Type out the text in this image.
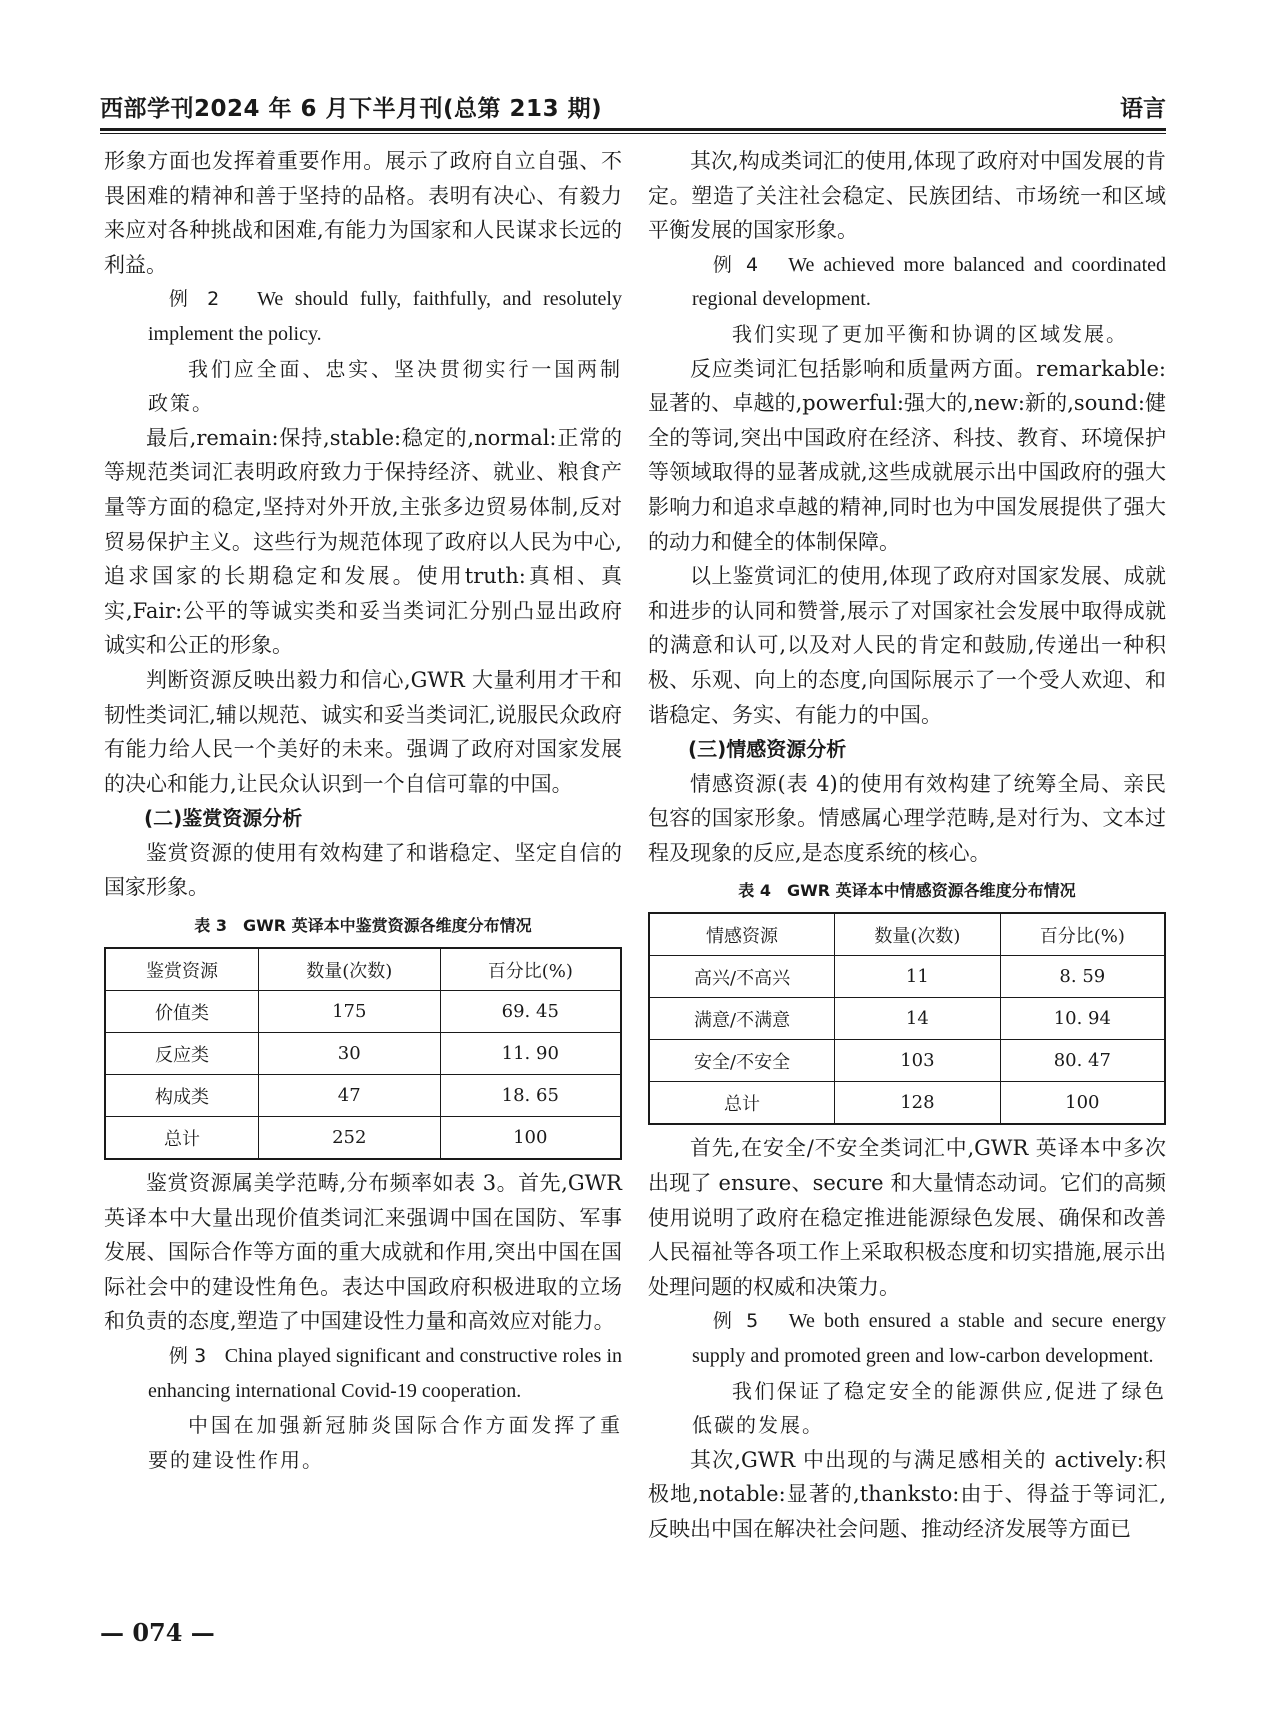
西部学刊2024 年 6 月下半月刊(总第 213 期)	语言

形象方面也发挥着重要作用。展示了政府自立自强、不畏困难的精神和善于坚持的品格。表明有决心、有毅力来应对各种挑战和困难,有能力为国家和人民谋求长远的利益。

例 2 We should fully, faithfully, and resolutely implement the policy.

我们应全面、忠实、坚决贯彻实行一国两制政策。

最后,remain:保持,stable:稳定的,normal:正常的等规范类词汇表明政府致力于保持经济、就业、粮食产量等方面的稳定,坚持对外开放,主张多边贸易体制,反对贸易保护主义。这些行为规范体现了政府以人民为中心,追求国家的长期稳定和发展。使用truth:真相、真实,Fair:公平的等诚实类和妥当类词汇分别凸显出政府诚实和公正的形象。

判断资源反映出毅力和信心,GWR 大量利用才干和韧性类词汇,辅以规范、诚实和妥当类词汇,说服民众政府有能力给人民一个美好的未来。强调了政府对国家发展的决心和能力,让民众认识到一个自信可靠的中国。

(二)鉴赏资源分析

鉴赏资源的使用有效构建了和谐稳定、坚定自信的国家形象。

表 3　GWR 英译本中鉴赏资源各维度分布情况
鉴赏资源	数量(次数)	百分比(%)
价值类	175	69. 45
反应类	30	11. 90
构成类	47	18. 65
总计	252	100

鉴赏资源属美学范畴,分布频率如表 3。首先,GWR 英译本中大量出现价值类词汇来强调中国在国防、军事发展、国际合作等方面的重大成就和作用,突出中国在国际社会中的建设性角色。表达中国政府积极进取的立场和负责的态度,塑造了中国建设性力量和高效应对能力。

例 3 China played significant and constructive roles in enhancing international Covid-19 cooperation.

中国在加强新冠肺炎国际合作方面发挥了重要的建设性作用。

其次,构成类词汇的使用,体现了政府对中国发展的肯定。塑造了关注社会稳定、民族团结、市场统一和区域平衡发展的国家形象。

例 4 We achieved more balanced and coordinated regional development.

我们实现了更加平衡和协调的区域发展。

反应类词汇包括影响和质量两方面。remarkable:显著的、卓越的,powerful:强大的,new:新的,sound:健全的等词,突出中国政府在经济、科技、教育、环境保护等领域取得的显著成就,这些成就展示出中国政府的强大影响力和追求卓越的精神,同时也为中国发展提供了强大的动力和健全的体制保障。

以上鉴赏词汇的使用,体现了政府对国家发展、成就和进步的认同和赞誉,展示了对国家社会发展中取得成就的满意和认可,以及对人民的肯定和鼓励,传递出一种积极、乐观、向上的态度,向国际展示了一个受人欢迎、和谐稳定、务实、有能力的中国。

(三)情感资源分析

情感资源(表 4)的使用有效构建了统筹全局、亲民包容的国家形象。情感属心理学范畴,是对行为、文本过程及现象的反应,是态度系统的核心。

表 4　GWR 英译本中情感资源各维度分布情况
情感资源	数量(次数)	百分比(%)
高兴/不高兴	11	8. 59
满意/不满意	14	10. 94
安全/不安全	103	80. 47
总计	128	100

首先,在安全/不安全类词汇中,GWR 英译本中多次出现了 ensure、secure 和大量情态动词。它们的高频使用说明了政府在稳定推进能源绿色发展、确保和改善人民福祉等各项工作上采取积极态度和切实措施,展示出处理问题的权威和决策力。

例 5 We both ensured a stable and secure energy supply and promoted green and low-carbon development.

我们保证了稳定安全的能源供应,促进了绿色低碳的发展。

其次,GWR 中出现的与满足感相关的 actively:积极地,notable:显著的,thanksto:由于、得益于等词汇,反映出中国在解决社会问题、推动经济发展等方面已

— 074 —
